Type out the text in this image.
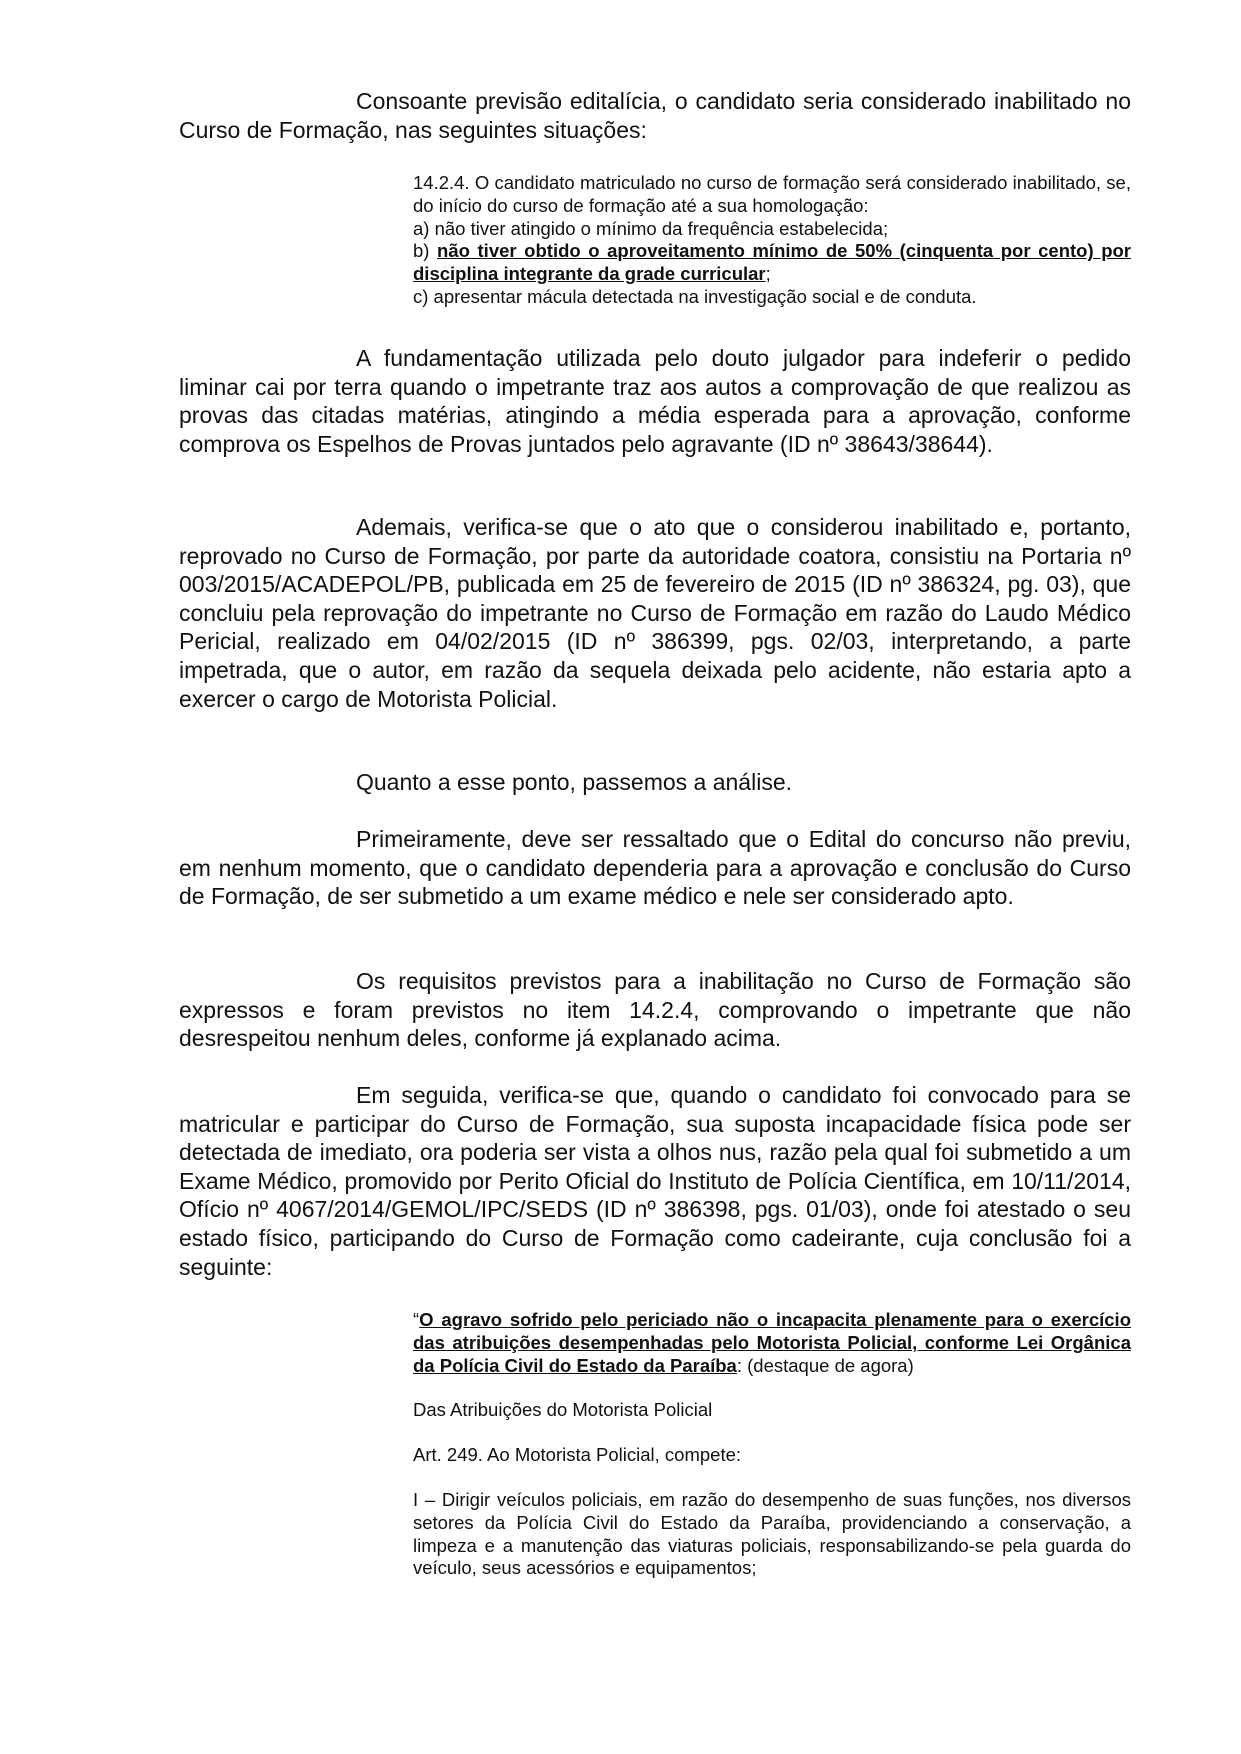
Consoante previsão editalícia, o candidato seria considerado inabilitado no Curso de Formação, nas seguintes situações:

14.2.4. O candidato matriculado no curso de formação será considerado inabilitado, se, do início do curso de formação até a sua homologação:
a) não tiver atingido o mínimo da frequência estabelecida;
b) não tiver obtido o aproveitamento mínimo de 50% (cinquenta por cento) por disciplina integrante da grade curricular;
c) apresentar mácula detectada na investigação social e de conduta.

A fundamentação utilizada pelo douto julgador para indeferir o pedido liminar cai por terra quando o impetrante traz aos autos a comprovação de que realizou as provas das citadas matérias, atingindo a média esperada para a aprovação, conforme comprova os Espelhos de Provas juntados pelo agravante (ID nº 38643/38644).

Ademais, verifica-se que o ato que o considerou inabilitado e, portanto, reprovado no Curso de Formação, por parte da autoridade coatora, consistiu na Portaria nº 003/2015/ACADEPOL/PB, publicada em 25 de fevereiro de 2015 (ID nº 386324, pg. 03), que concluiu pela reprovação do impetrante no Curso de Formação em razão do Laudo Médico Pericial, realizado em 04/02/2015 (ID nº 386399, pgs. 02/03, interpretando, a parte impetrada, que o autor, em razão da sequela deixada pelo acidente, não estaria apto a exercer o cargo de Motorista Policial.

Quanto a esse ponto, passemos a análise.

Primeiramente, deve ser ressaltado que o Edital do concurso não previu, em nenhum momento, que o candidato dependeria para a aprovação e conclusão do Curso de Formação, de ser submetido a um exame médico e nele ser considerado apto.

Os requisitos previstos para a inabilitação no Curso de Formação são expressos e foram previstos no item 14.2.4, comprovando o impetrante que não desrespeitou nenhum deles, conforme já explanado acima.

Em seguida, verifica-se que, quando o candidato foi convocado para se matricular e participar do Curso de Formação, sua suposta incapacidade física pode ser detectada de imediato, ora poderia ser vista a olhos nus, razão pela qual foi submetido a um Exame Médico, promovido por Perito Oficial do Instituto de Polícia Científica, em 10/11/2014, Ofício nº 4067/2014/GEMOL/IPC/SEDS (ID nº 386398, pgs. 01/03), onde foi atestado o seu estado físico, participando do Curso de Formação como cadeirante, cuja conclusão foi a seguinte:

“O agravo sofrido pelo periciado não o incapacita plenamente para o exercício das atribuições desempenhadas pelo Motorista Policial, conforme Lei Orgânica da Polícia Civil do Estado da Paraíba: (destaque de agora)
Das Atribuições do Motorista Policial
Art. 249. Ao Motorista Policial, compete:
I – Dirigir veículos policiais, em razão do desempenho de suas funções, nos diversos setores da Polícia Civil do Estado da Paraíba, providenciando a conservação, a limpeza e a manutenção das viaturas policiais, responsabilizando-se pela guarda do veículo, seus acessórios e equipamentos;
